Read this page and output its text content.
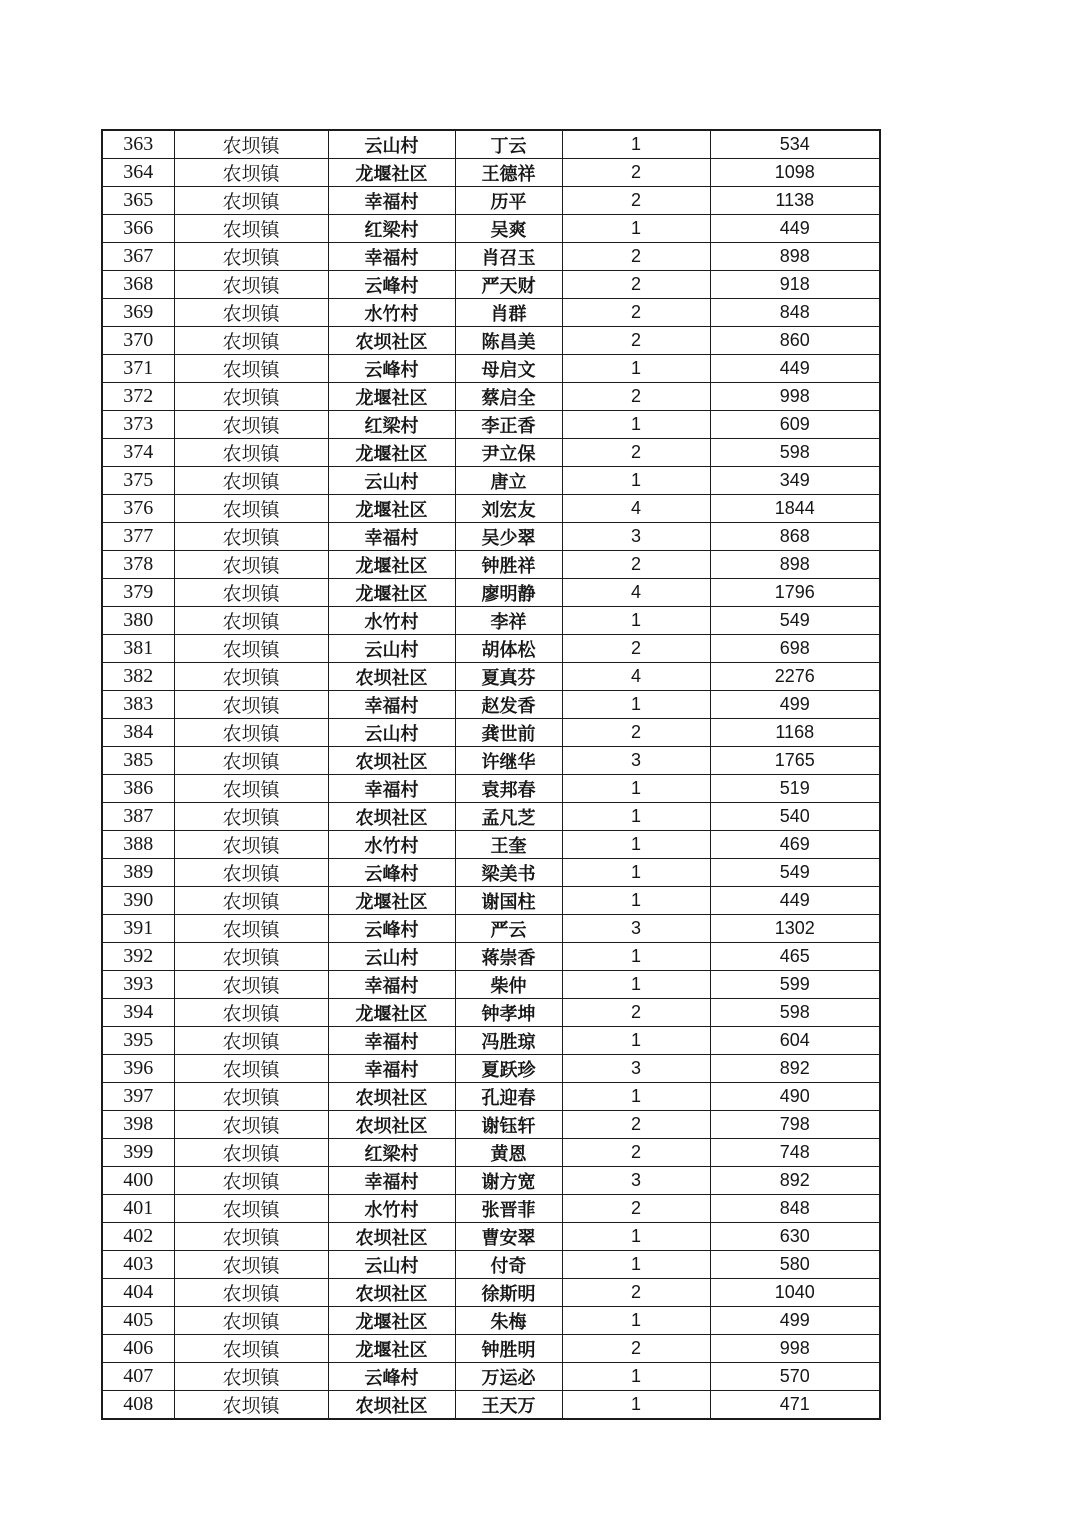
363	农坝镇	云山村	丁云	1	534
364	农坝镇	龙堰社区	王德祥	2	1098
365	农坝镇	幸福村	历平	2	1138
366	农坝镇	红梁村	吴爽	1	449
367	农坝镇	幸福村	肖召玉	2	898
368	农坝镇	云峰村	严天财	2	918
369	农坝镇	水竹村	肖群	2	848
370	农坝镇	农坝社区	陈昌美	2	860
371	农坝镇	云峰村	母启文	1	449
372	农坝镇	龙堰社区	蔡启全	2	998
373	农坝镇	红梁村	李正香	1	609
374	农坝镇	龙堰社区	尹立保	2	598
375	农坝镇	云山村	唐立	1	349
376	农坝镇	龙堰社区	刘宏友	4	1844
377	农坝镇	幸福村	吴少翠	3	868
378	农坝镇	龙堰社区	钟胜祥	2	898
379	农坝镇	龙堰社区	廖明静	4	1796
380	农坝镇	水竹村	李祥	1	549
381	农坝镇	云山村	胡体松	2	698
382	农坝镇	农坝社区	夏真芬	4	2276
383	农坝镇	幸福村	赵发香	1	499
384	农坝镇	云山村	龚世前	2	1168
385	农坝镇	农坝社区	许继华	3	1765
386	农坝镇	幸福村	袁邦春	1	519
387	农坝镇	农坝社区	孟凡芝	1	540
388	农坝镇	水竹村	王奎	1	469
389	农坝镇	云峰村	梁美书	1	549
390	农坝镇	龙堰社区	谢国柱	1	449
391	农坝镇	云峰村	严云	3	1302
392	农坝镇	云山村	蒋崇香	1	465
393	农坝镇	幸福村	柴仲	1	599
394	农坝镇	龙堰社区	钟孝坤	2	598
395	农坝镇	幸福村	冯胜琼	1	604
396	农坝镇	幸福村	夏跃珍	3	892
397	农坝镇	农坝社区	孔迎春	1	490
398	农坝镇	农坝社区	谢钰轩	2	798
399	农坝镇	红梁村	黄恩	2	748
400	农坝镇	幸福村	谢方宽	3	892
401	农坝镇	水竹村	张晋菲	2	848
402	农坝镇	农坝社区	曹安翠	1	630
403	农坝镇	云山村	付奇	1	580
404	农坝镇	农坝社区	徐斯明	2	1040
405	农坝镇	龙堰社区	朱梅	1	499
406	农坝镇	龙堰社区	钟胜明	2	998
407	农坝镇	云峰村	万运必	1	570
408	农坝镇	农坝社区	王天万	1	471
